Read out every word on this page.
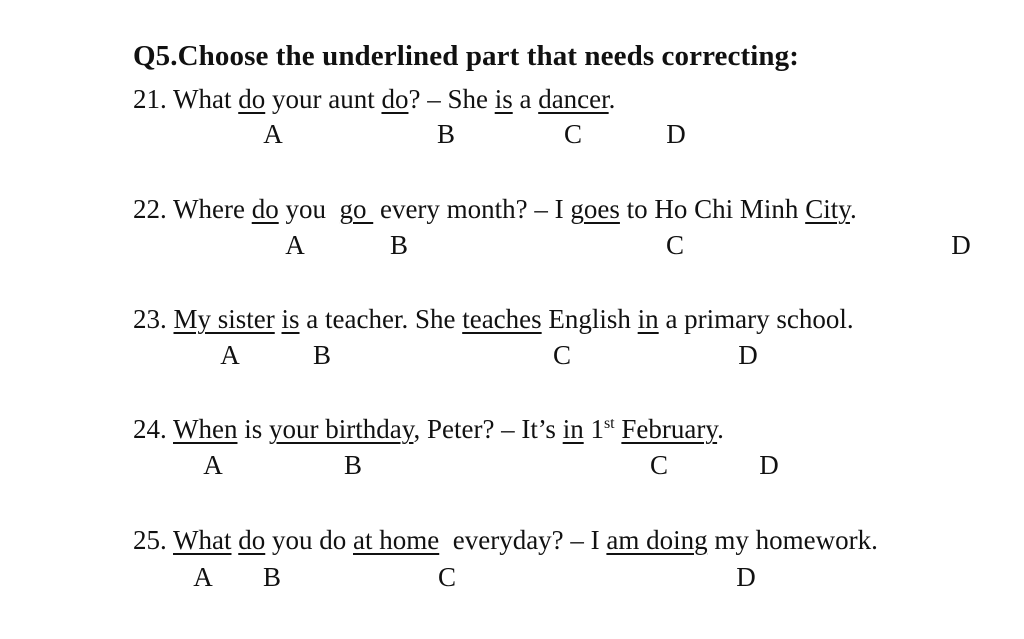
Q5.Choose the underlined part that needs correcting:
21. What do your aunt do? – She is a dancer.
A	B	C	D
22. Where do you  go  every month? – I goes to Ho Chi Minh City.
A	B	C	D
23. My sister is a teacher. She teaches English in a primary school.
A	B	C	D
24. When is your birthday, Peter? – It’s in 1st February.
A	B	C	D
25. What do you do at home  everyday? – I am doing my homework.
A B	C	D
